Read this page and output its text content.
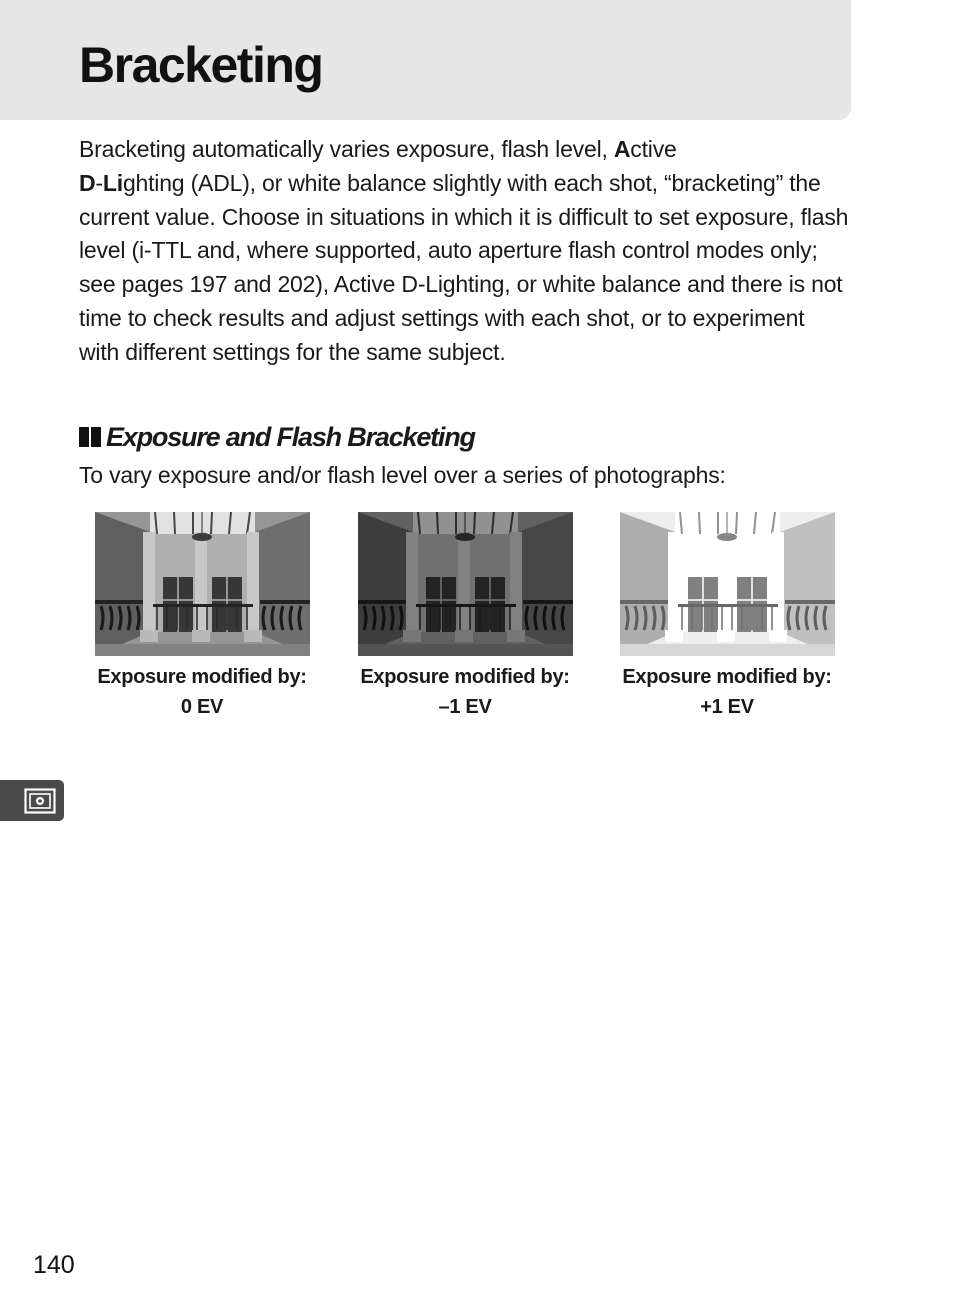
Bracketing

Bracketing automatically varies exposure, flash level, Active
D-Lighting (ADL), or white balance slightly with each shot, “bracketing” the current value. Choose in situations in which it is difficult to set exposure, flash level (i-TTL and, where supported, auto aperture flash control modes only; see pages 197 and 202), Active D-Lighting, or white balance and there is not time to check results and adjust settings with each shot, or to experiment with different settings for the same subject.

Exposure and Flash Bracketing

To vary exposure and/or flash level over a series of photographs:

Exposure modified by:
0 EV
Exposure modified by:
–1 EV
Exposure modified by:
+1 EV
140
